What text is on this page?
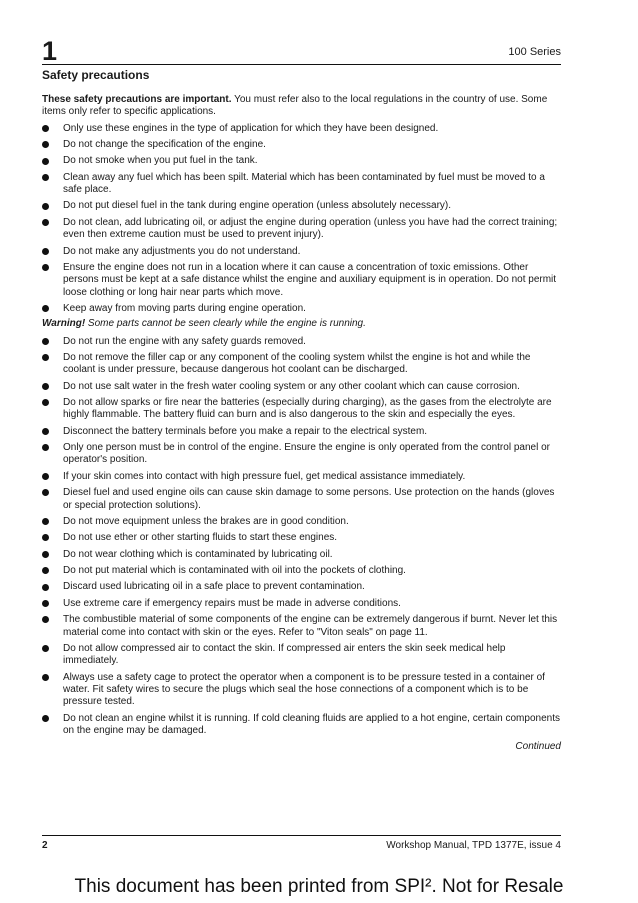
1	100 Series
Safety precautions

These safety precautions are important. You must refer also to the local regulations in the country of use. Some items only refer to specific applications.

Only use these engines in the type of application for which they have been designed.
Do not change the specification of the engine.
Do not smoke when you put fuel in the tank.
Clean away any fuel which has been spilt. Material which has been contaminated by fuel must be moved to a safe place.
Do not put diesel fuel in the tank during engine operation (unless absolutely necessary).
Do not clean, add lubricating oil, or adjust the engine during operation (unless you have had the correct training; even then extreme caution must be used to prevent injury).
Do not make any adjustments you do not understand.
Ensure the engine does not run in a location where it can cause a concentration of toxic emissions. Other persons must be kept at a safe distance whilst the engine and auxiliary equipment is in operation. Do not permit loose clothing or long hair near parts which move.
Keep away from moving parts during engine operation.
Warning! Some parts cannot be seen clearly while the engine is running.
Do not run the engine with any safety guards removed.
Do not remove the filler cap or any component of the cooling system whilst the engine is hot and while the coolant is under pressure, because dangerous hot coolant can be discharged.
Do not use salt water in the fresh water cooling system or any other coolant which can cause corrosion.
Do not allow sparks or fire near the batteries (especially during charging), as the gases from the electrolyte are highly flammable. The battery fluid can burn and is also dangerous to the skin and especially the eyes.
Disconnect the battery terminals before you make a repair to the electrical system.
Only one person must be in control of the engine. Ensure the engine is only operated from the control panel or operator's position.
If your skin comes into contact with high pressure fuel, get medical assistance immediately.
Diesel fuel and used engine oils can cause skin damage to some persons. Use protection on the hands (gloves or special protection solutions).
Do not move equipment unless the brakes are in good condition.
Do not use ether or other starting fluids to start these engines.
Do not wear clothing which is contaminated by lubricating oil.
Do not put material which is contaminated with oil into the pockets of clothing.
Discard used lubricating oil in a safe place to prevent contamination.
Use extreme care if emergency repairs must be made in adverse conditions.
The combustible material of some components of the engine can be extremely dangerous if burnt. Never let this material come into contact with skin or the eyes. Refer to "Viton seals" on page 11.
Do not allow compressed air to contact the skin. If compressed air enters the skin seek medical help immediately.
Always use a safety cage to protect the operator when a component is to be pressure tested in a container of water. Fit safety wires to secure the plugs which seal the hose connections of a component which is to be pressure tested.
Do not clean an engine whilst it is running. If cold cleaning fluids are applied to a hot engine, certain components on the engine may be damaged.
Continued
2	Workshop Manual, TPD 1377E, issue 4
This document has been printed from SPI². Not for Resale
